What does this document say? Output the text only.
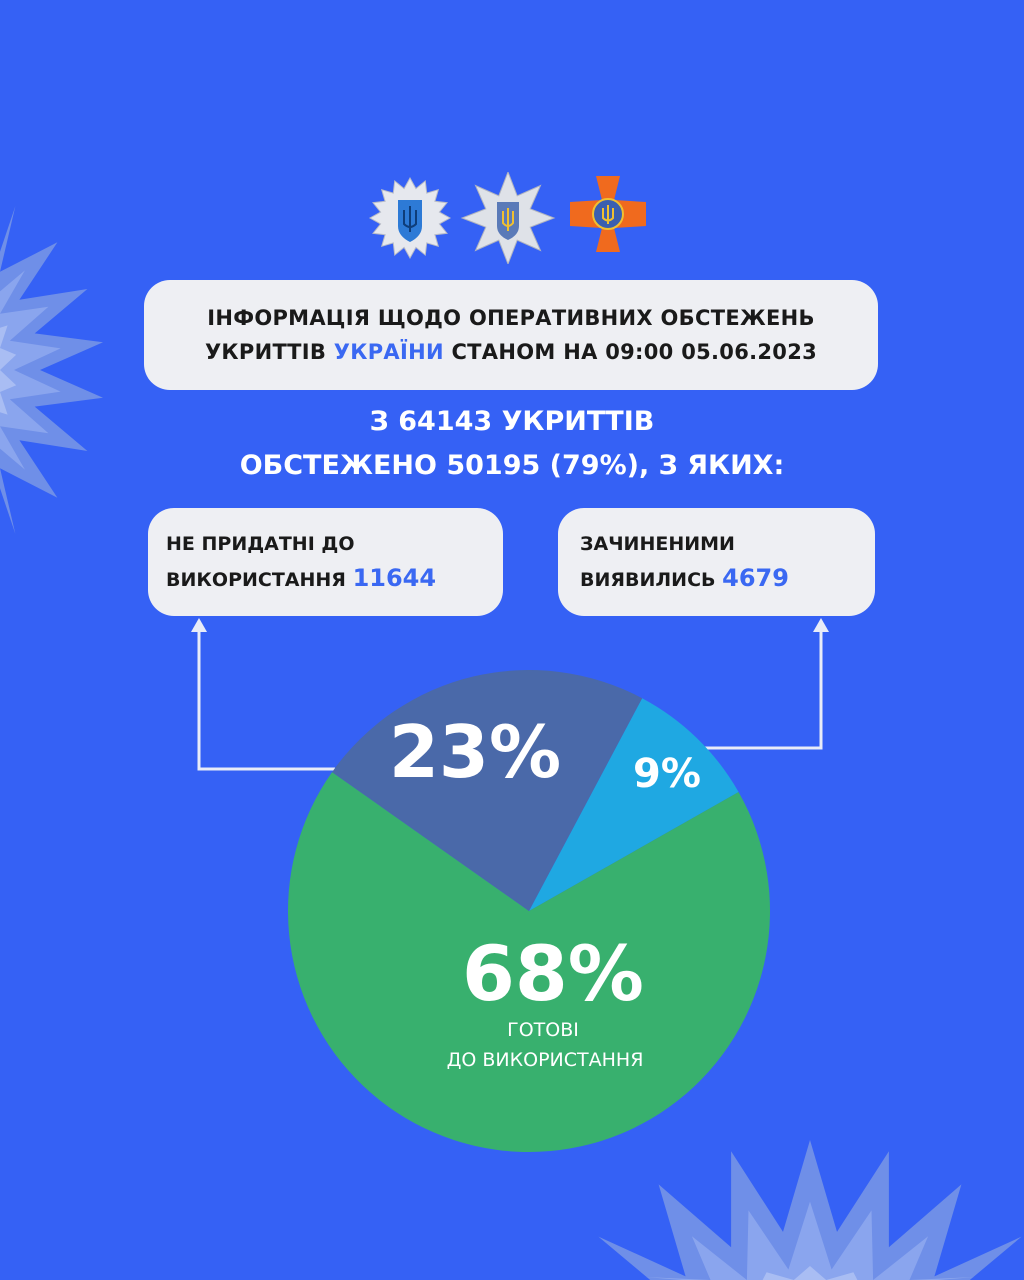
ІНФОРМАЦІЯ ЩОДО ОПЕРАТИВНИХ ОБСТЕЖЕНЬ
УКРИТТІВ УКРАЇНИ СТАНОМ НА 09:00 05.06.2023
З 64143 УКРИТТІВ
ОБСТЕЖЕНО 50195 (79%), З ЯКИХ:
НЕ ПРИДАТНІ ДО
ВИКОРИСТАННЯ 11644
ЗАЧИНЕНИМИ
ВИЯВИЛИСЬ 4679
23% 9%
68%
ГОТОВІ
ДО ВИКОРИСТАННЯ
